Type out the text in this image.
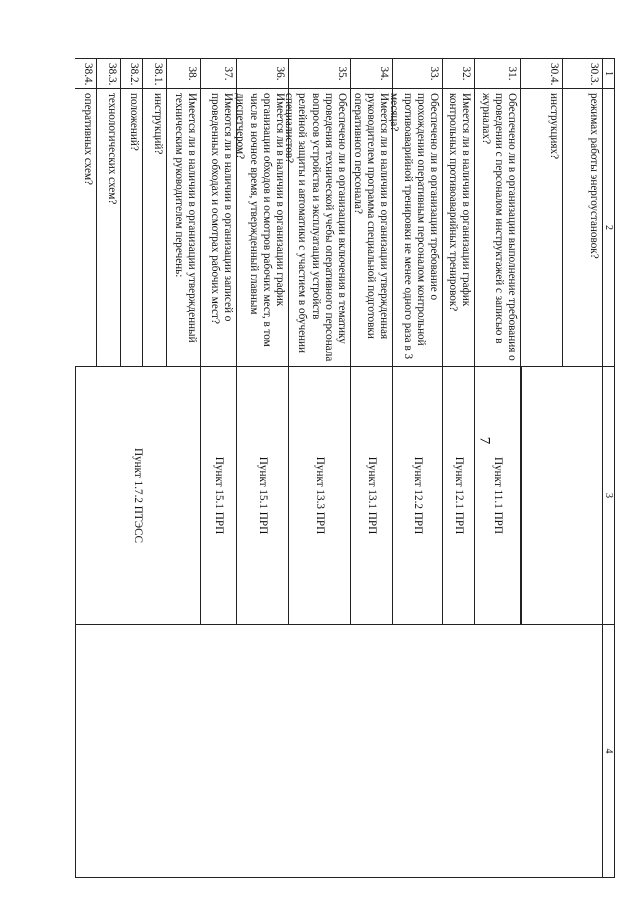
7
1
2
3
4
30.3.
режимах работы энергоустановок?
30.4.
инструкциях?
31.
Обеспечено ли в организации выполнение требования о проведении с персоналом инструктажей с записью в журналах?
Пункт 11.1 ПРП
32.
Имеется ли в наличии в организации график контрольных противоаварийных тренировок?
Пункт 12.1 ПРП
33.
Обеспечено ли в организации требование о прохождении оперативным персоналом контрольной противоаварийной тренировки не менее одного раза в 3 месяца?
Пункт 12.2 ПРП
34.
Имеется ли в наличии в организации утвержденная руководителем программа специальной подготовки оперативного персонала?
Пункт 13.1 ПРП
35.
Обеспечено ли в организации включения в тематику проведения технической учебы оперативного персонала вопросов устройства и эксплуатации устройств релейной защиты и автоматики с участием в обучении специалистов?
Пункт 13.3 ПРП
36.
Имеется ли в наличии в организации график организации обходов и осмотров рабочих мест, в том числе в ночное время, утвержденный главным диспетчером?
Пункт 15.1 ПРП
37.
Имеются ли в наличии в организации записей о проведенных обходах и осмотрах рабочих мест?
Пункт 15.1 ПРП
38.
Имеется ли в наличии в организации утвержденный техническим руководителем перечень:
38.1.
инструкций?
38.2.
положений?
38.3.
технологических схем?
38.4.
оперативных схем?
Пункт 1.7.2 ПТЭСС
